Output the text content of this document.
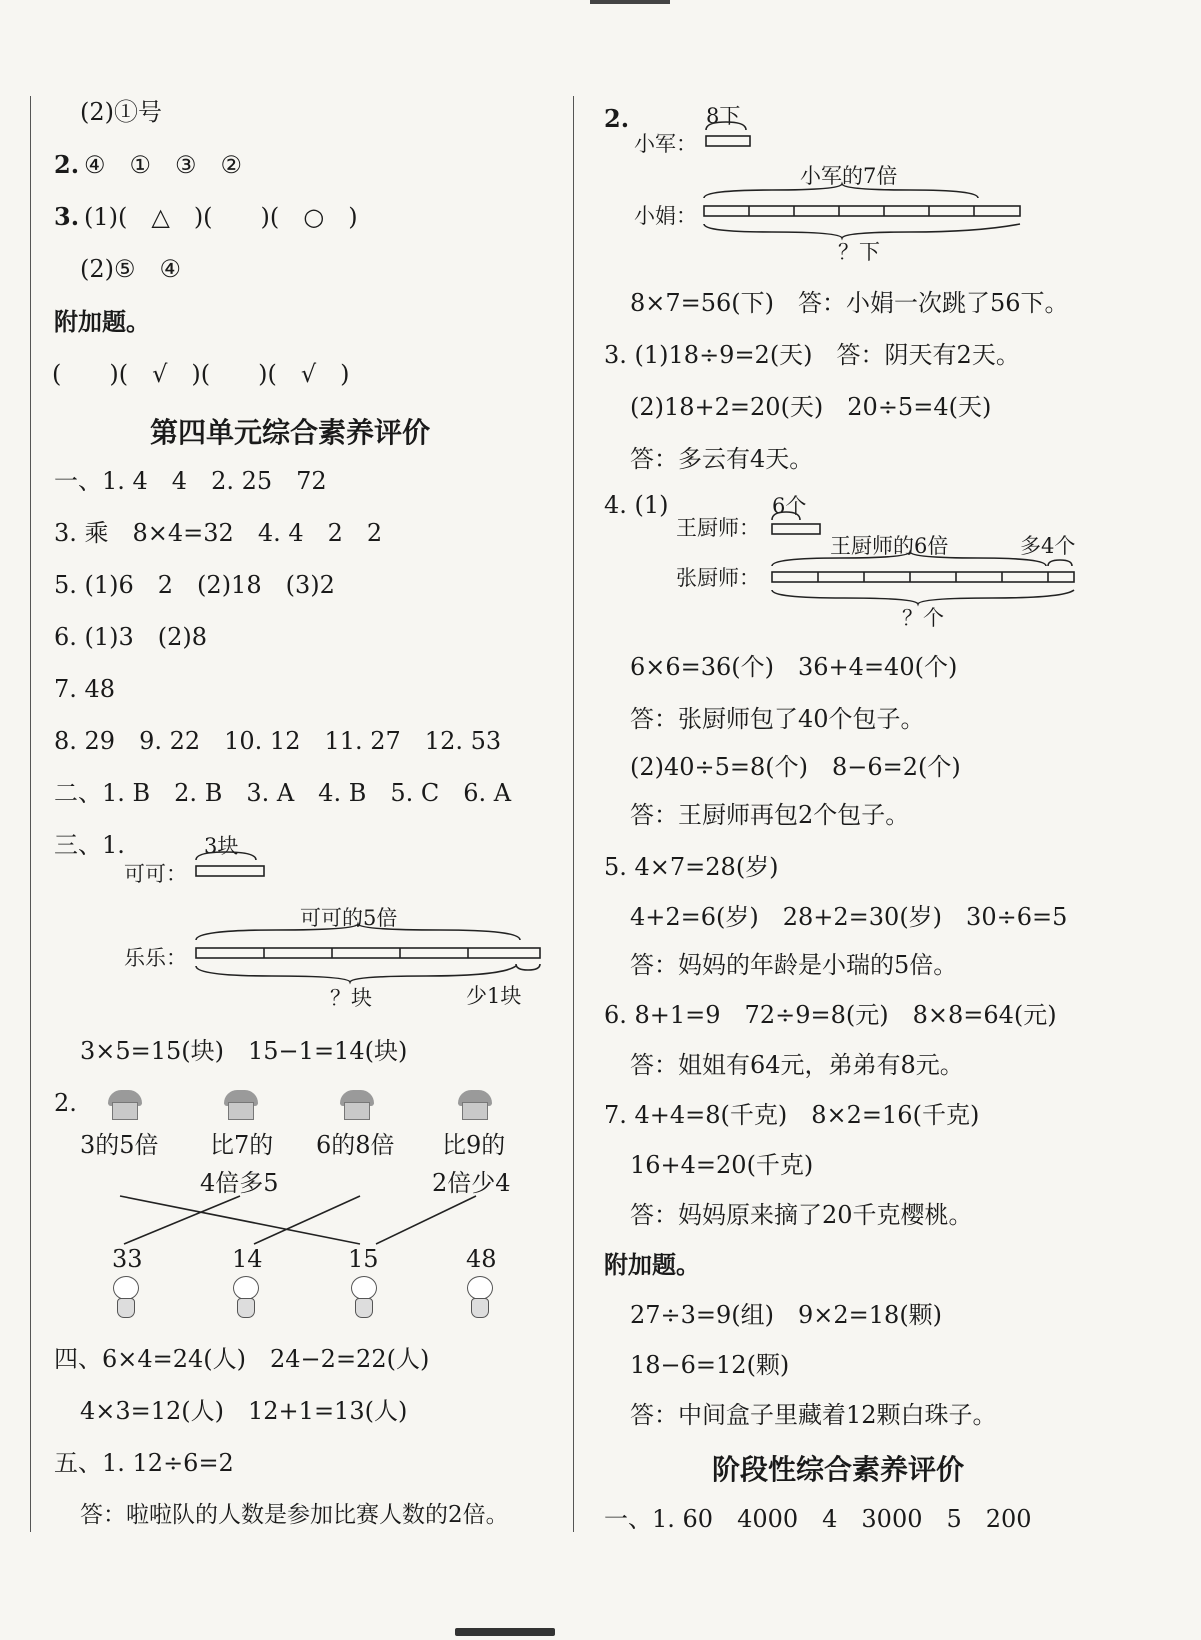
(2)①号
2. ④　①　③　②
3. (1)(　△　)(　　)(　○　)
(2)⑤　④
附加题。
(　　)(　√　)(　　)(　√　)
第四单元综合素养评价
一、1. 4　4　2. 25　72
3. 乘　8×4=32　4. 4　2　2
5. (1)6　2　(2)18　(3)2
6. (1)3　(2)8
7. 48
8. 29　9. 22　10. 12　11. 27　12. 53
二、1. B　2. B　3. A　4. B　5. C　6. A
三、1.	3块
可可：
可可的5倍
乐乐：
？块	少1块
3×5=15(块)　15−1=14(块)
2.
3的5倍 比7的 6的8倍 比9的
4倍多5	2倍少4
33	14	15	48
四、6×4=24(人)　24−2=22(人)
4×3=12(人)　12+1=13(人)
五、1. 12÷6=2
答：啦啦队的人数是参加比赛人数的2倍。
2.	8下
小军：
小军的7倍
小娟：
？下
8×7=56(下)　答：小娟一次跳了56下。
3. (1)18÷9=2(天)　答：阴天有2天。
(2)18+2=20(天)　20÷5=4(天)
答：多云有4天。
4. (1)	6个
王厨师：
王厨师的6倍	多4个
张厨师：
？个
6×6=36(个)　36+4=40(个)
答：张厨师包了40个包子。
(2)40÷5=8(个)　8−6=2(个)
答：王厨师再包2个包子。
5. 4×7=28(岁)
4+2=6(岁)　28+2=30(岁)　30÷6=5
答：妈妈的年龄是小瑞的5倍。
6. 8+1=9　72÷9=8(元)　8×8=64(元)
答：姐姐有64元，弟弟有8元。
7. 4+4=8(千克)　8×2=16(千克)
16+4=20(千克)
答：妈妈原来摘了20千克樱桃。
附加题。
27÷3=9(组)　9×2=18(颗)
18−6=12(颗)
答：中间盒子里藏着12颗白珠子。
阶段性综合素养评价
一、1. 60　4000　4　3000　5　200
